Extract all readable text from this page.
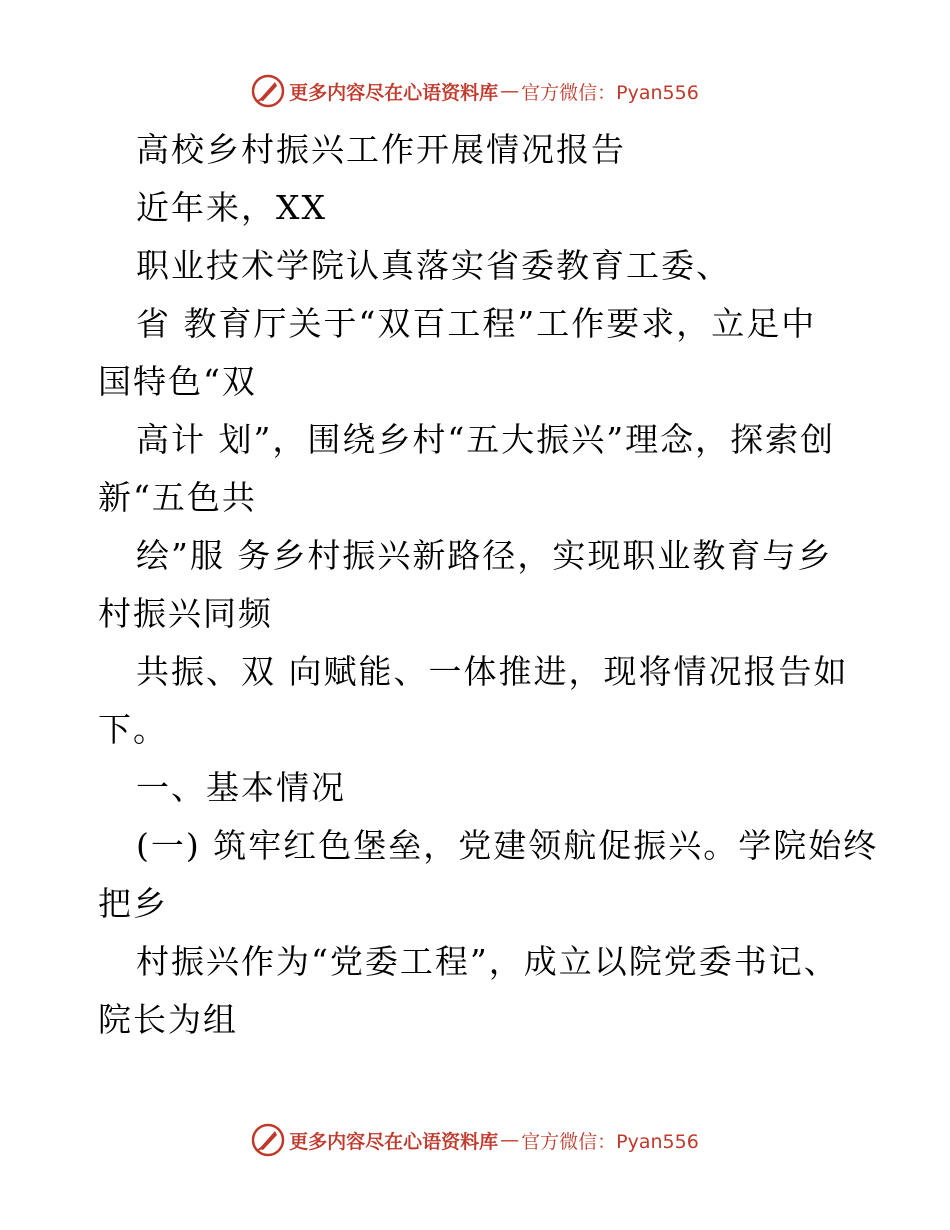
更多内容尽在心语资料库 — 官方微信：Pyan556
高校乡村振兴工作开展情况报告
近年来，XX
职业技术学院认真落实省委教育工委、
省 教育厅关于“双百工程”工作要求，立足中
国特色“双
高计 划”，围绕乡村“五大振兴”理念，探索创
新“五色共
绘”服 务乡村振兴新路径，实现职业教育与乡
村振兴同频
共振、双 向赋能、一体推进，现将情况报告如
下。
一、基本情况
(一) 筑牢红色堡垒，党建领航促振兴。学院始终
把乡
村振兴作为“党委工程”，成立以院党委书记、
院长为组
更多内容尽在心语资料库 — 官方微信：Pyan556
